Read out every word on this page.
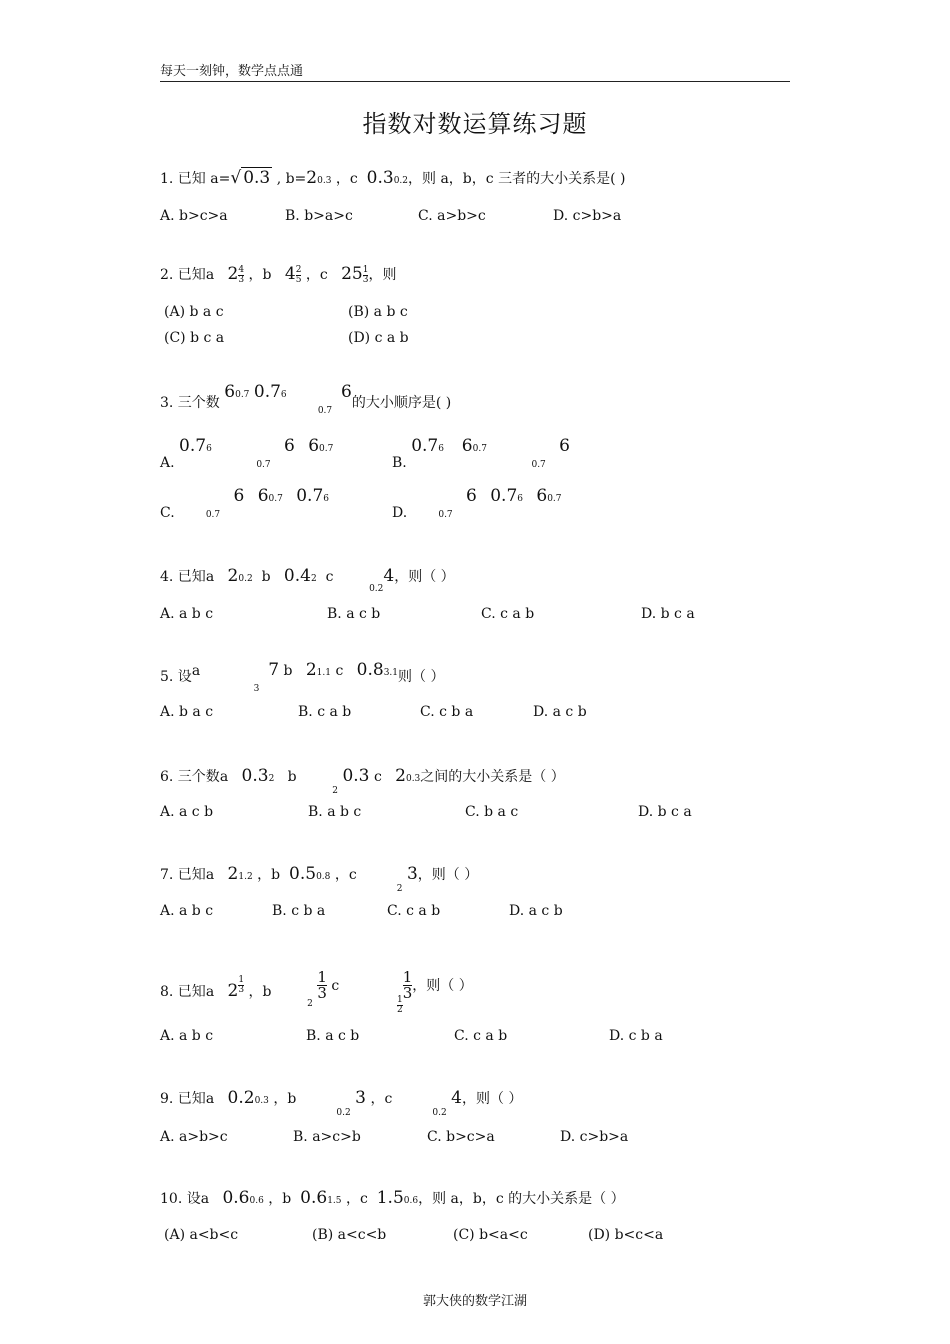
每天一刻钟，数学点点通
指数对数运算练习题
1. 已知 a=√ 0.3 , b=20.3 ，c 0.30.2，则 a，b，c 三者的大小关系是( )
A. b>c>a	B. b>a>c	C. a>b>c	D. c>b>a
2. 已知a $2 \frac{4}{3}$ ，b $4 \frac{2}{5}$ ，c $25 \frac{1}{3}$ ，则
(A) b a c	(B) a b c
(C) b c a	(D) c a b
3. 三个数 $6^{0.7}$ $0.7^6$       $_{0.7}$  6的大小顺序是( )
A. 0.76          $_{0.7}$   6 60.7
B. 0.76 60.7          $_{0.7}$   6
C.	$_{0.7}$   6 60.7 0.76
D.	$_{0.7}$   6 0.76 60.7
4. 已知a 20.2 b 0.42 c        $_{0.2}$4，则（ ）
A. a b c	B. a c b	C. c a b	D. b c a
5. 设a            $_3$  7 b $2^{1.1}$ c $0.8^{3.1}$则（ ）
A. b a c	B. c a b	C. c b a	D. a c b
6. 三个数a 0.32 b        $_2$ 0.3 c 20.3之间的大小关系是（ ）
A. a c b	B. a b c	C. b a c	D. b c a
7. 已知a 21.2 ，b 0.50.8 ，c         $_2$ 3，则（ ）
A. a b c	B. c b a	C. c a b	D. a c b
8. 已知a $2 \frac{1}{3}$ ，b        $_2$
$\frac{1}{3}$ c
$\frac{1}{2}$
$\frac{1}{3}$ ，则（ ）
A. a b c	B. a c b	C. c a b	D. c b a
9. 已知a 0.20.3 ，b         $_{0.2}$ 3 ，c         $_{0.2}$ 4，则（ ）
A. a>b>c	B. a>c>b	C. b>c>a	D. c>b>a
10. 设a 0.60.6 ，b 0.61.5 ，c 1.50.6，则 a，b，c 的大小关系是（ ）
(A) a<b<c	(B) a<c<b	(C) b<a<c	(D) b<c<a
郭大侠的数学江湖
